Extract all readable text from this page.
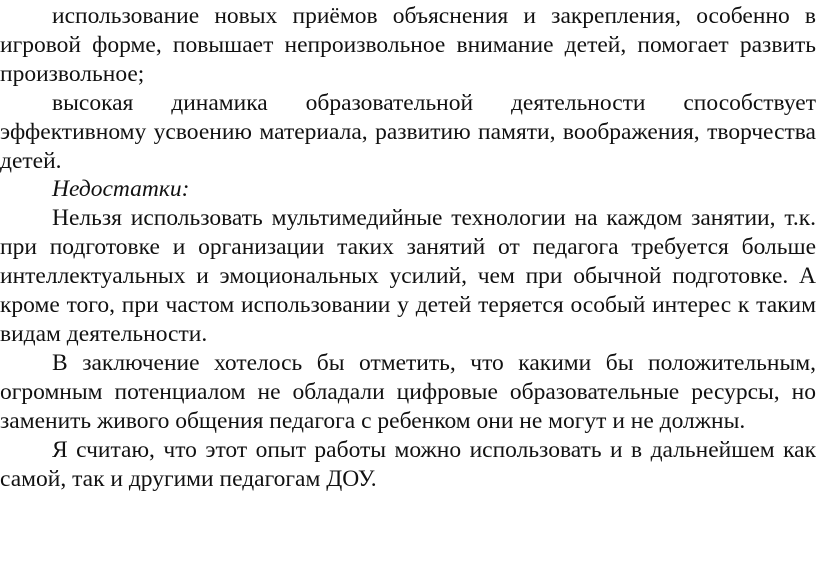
использование новых приёмов объяснения и закрепления, особенно в игровой форме, повышает непроизвольное внимание детей, помогает развить произвольное;

высокая динамика образовательной деятельности способствует эффективному усвоению материала, развитию памяти, воображения, творчества детей.

Недостатки:

Нельзя использовать мультимедийные технологии на каждом занятии, т.к. при подготовке и организации таких занятий от педагога требуется больше интеллектуальных и эмоциональных усилий, чем при обычной подготовке. А кроме того, при частом использовании у детей теряется особый интерес к таким видам деятельности.

В заключение хотелось бы отметить, что какими бы положительным, огромным потенциалом не обладали цифровые образовательные ресурсы, но заменить живого общения педагога с ребенком они не могут и не должны.

Я считаю, что этот опыт работы можно использовать и в дальнейшем как самой, так и другими педагогам ДОУ.
